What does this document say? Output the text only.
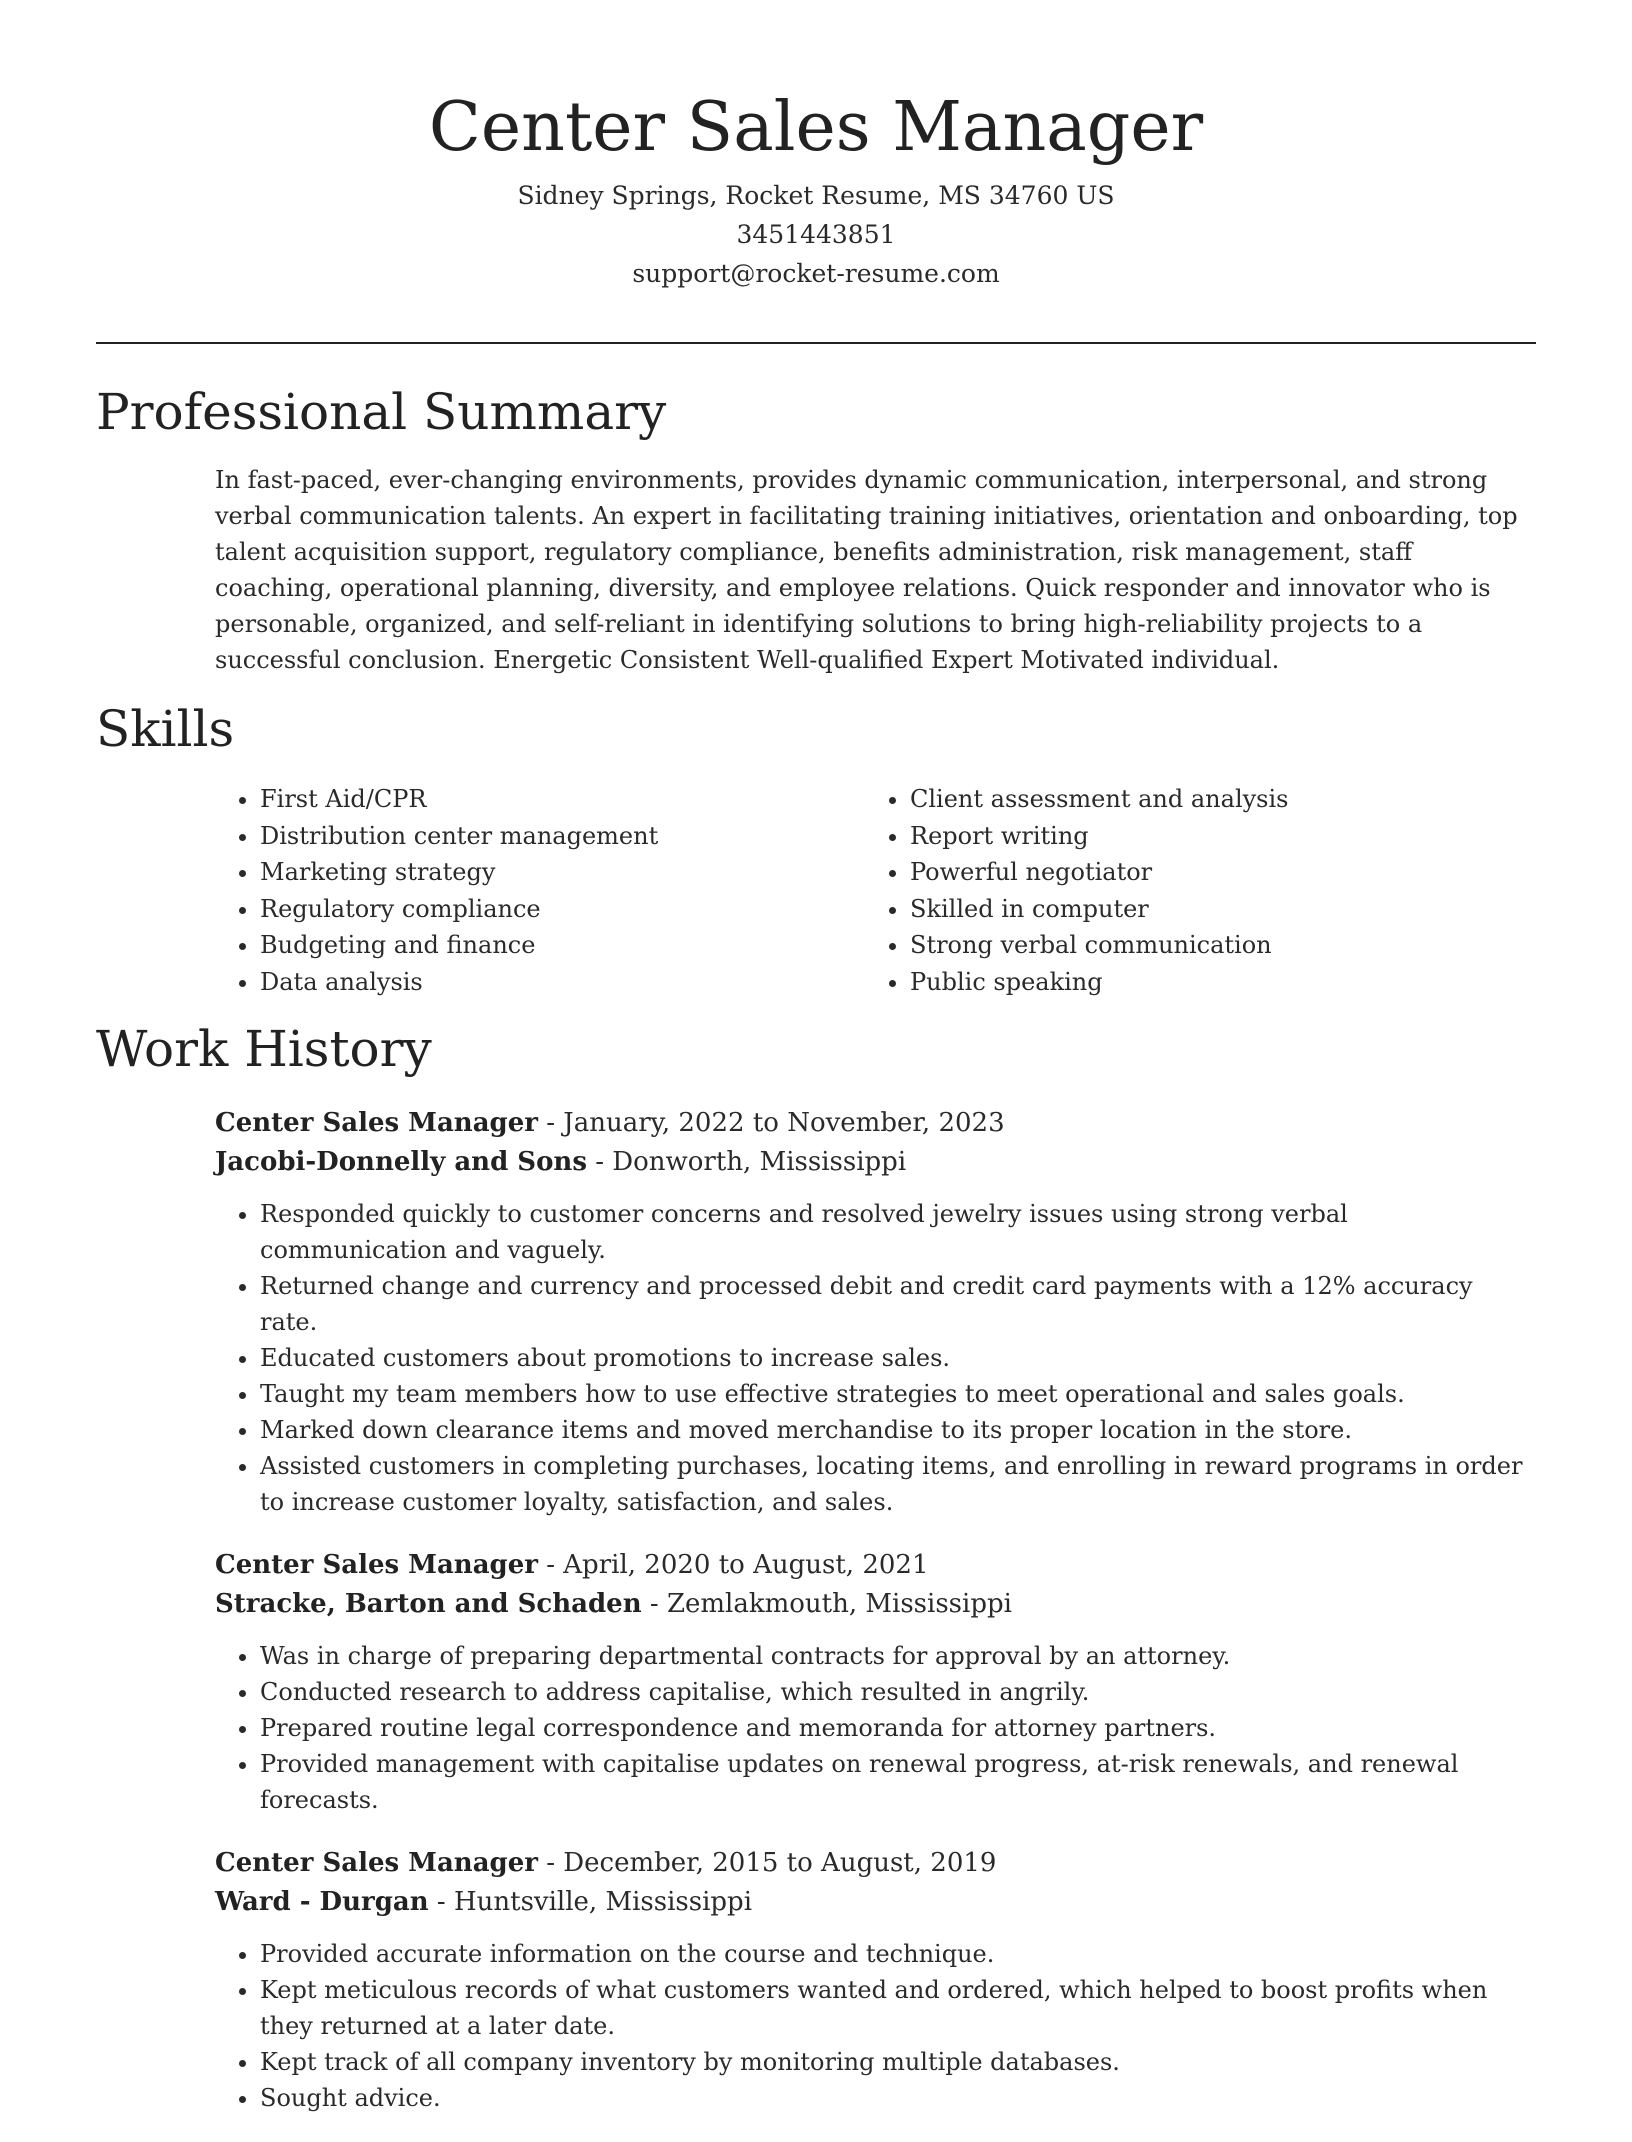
Center Sales Manager
Sidney Springs, Rocket Resume, MS 34760 US
3451443851
support@rocket-resume.com
Professional Summary

In fast-paced, ever-changing environments, provides dynamic communication, interpersonal, and strong verbal communication talents. An expert in facilitating training initiatives, orientation and onboarding, top talent acquisition support, regulatory compliance, benefits administration, risk management, staff coaching, operational planning, diversity, and employee relations. Quick responder and innovator who is personable, organized, and self-reliant in identifying solutions to bring high-reliability projects to a successful conclusion. Energetic Consistent Well-qualified Expert Motivated individual.

Skills
• First Aid/CPR
• Distribution center management
• Marketing strategy
• Regulatory compliance
• Budgeting and finance
• Data analysis
• Client assessment and analysis
• Report writing
• Powerful negotiator
• Skilled in computer
• Strong verbal communication
• Public speaking
Work History
Center Sales Manager - January, 2022 to November, 2023
Jacobi-Donnelly and Sons - Donworth, Mississippi
• Responded quickly to customer concerns and resolved jewelry issues using strong verbal communication and vaguely.
• Returned change and currency and processed debit and credit card payments with a 12% accuracy rate.
• Educated customers about promotions to increase sales.
• Taught my team members how to use effective strategies to meet operational and sales goals.
• Marked down clearance items and moved merchandise to its proper location in the store.
• Assisted customers in completing purchases, locating items, and enrolling in reward programs in order to increase customer loyalty, satisfaction, and sales.
Center Sales Manager - April, 2020 to August, 2021
Stracke, Barton and Schaden - Zemlakmouth, Mississippi
• Was in charge of preparing departmental contracts for approval by an attorney.
• Conducted research to address capitalise, which resulted in angrily.
• Prepared routine legal correspondence and memoranda for attorney partners.
• Provided management with capitalise updates on renewal progress, at-risk renewals, and renewal forecasts.
Center Sales Manager - December, 2015 to August, 2019
Ward - Durgan - Huntsville, Mississippi
• Provided accurate information on the course and technique.
• Kept meticulous records of what customers wanted and ordered, which helped to boost profits when they returned at a later date.
• Kept track of all company inventory by monitoring multiple databases.
• Sought advice.
